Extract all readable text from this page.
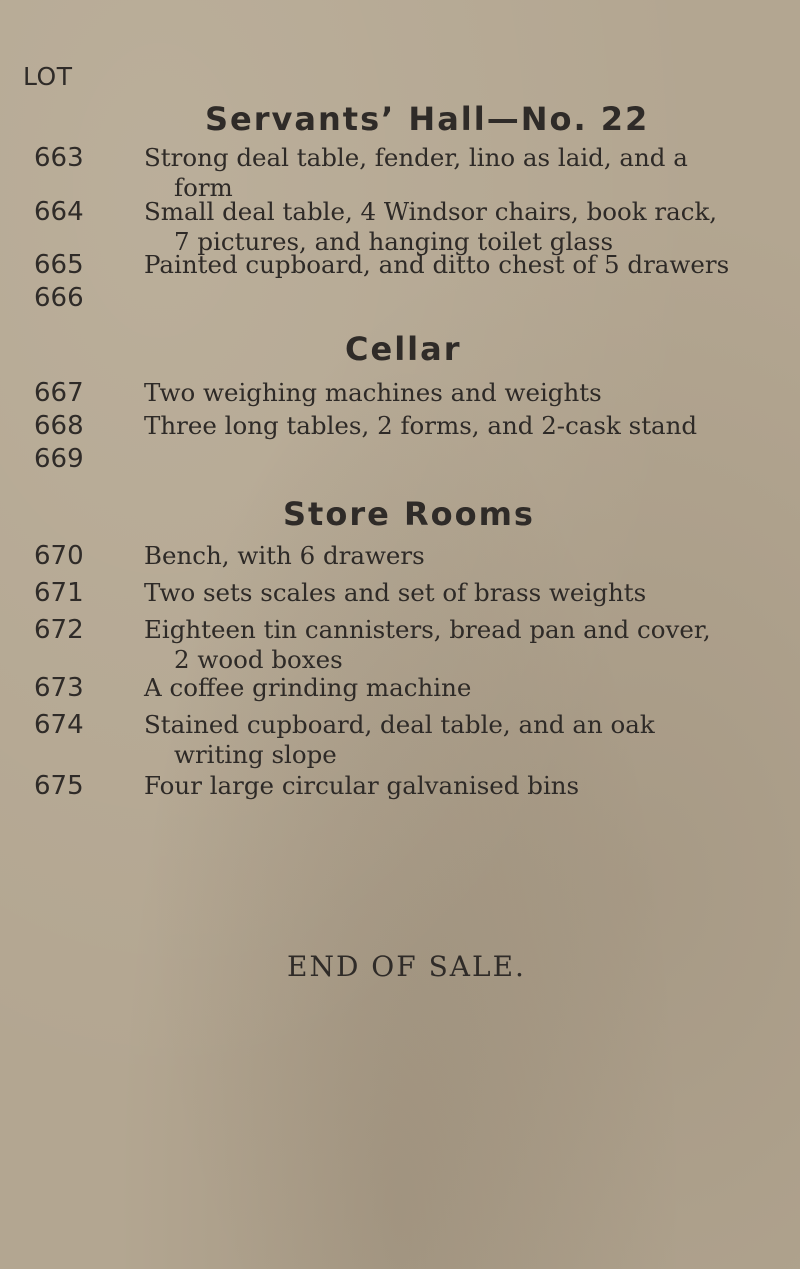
LOT
Servants’ Hall—No. 22
663 Strong deal table, fender, lino as laid, and a
form
664 Small deal table, 4 Windsor chairs, book rack,
7 pictures, and hanging toilet glass
665 Painted cupboard, and ditto chest of 5 drawers
666
Cellar
667 Two weighing machines and weights
668 Three long tables, 2 forms, and 2-cask stand
669
Store Rooms
670 Bench, with 6 drawers
671 Two sets scales and set of brass weights
672 Eighteen tin cannisters, bread pan and cover,
2 wood boxes
673 A coffee grinding machine
674 Stained cupboard, deal table, and an oak
writing slope
675 Four large circular galvanised bins
END OF SALE.
